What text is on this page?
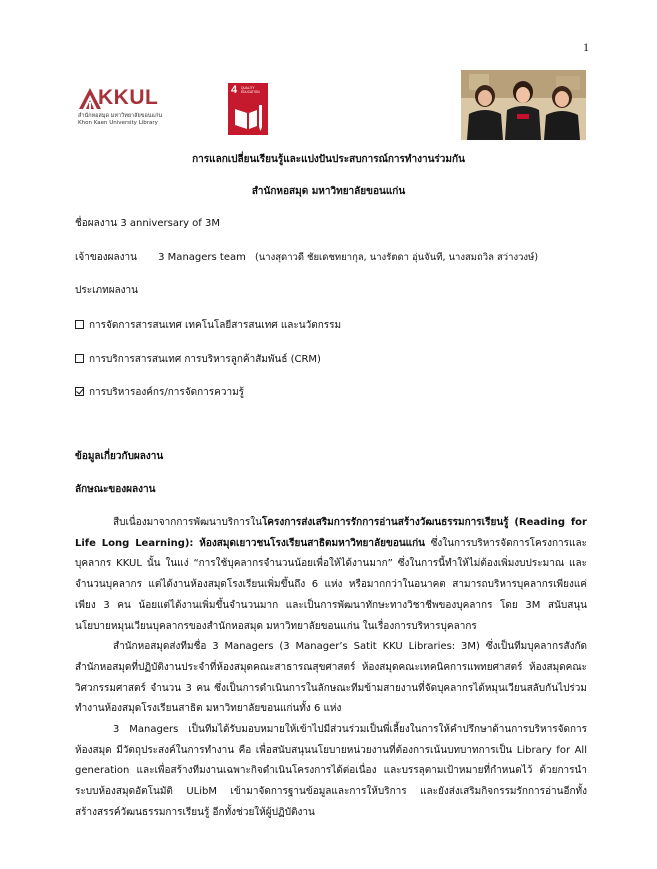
1
KKUL
สำนักหอสมุด มหาวิทยาลัยขอนแก่น
Khon Kaen University Library
4 QUALITY EDUCATION
การแลกเปลี่ยนเรียนรู้และแปงปันประสบการณ์การทำงานร่วมกัน
สำนักหอสมุด มหาวิทยาลัยขอนแก่น
ชื่อผลงาน 3 anniversary of 3M
เจ้าของผลงาน 3 Managers team (นางสุดาวดี ชัยเดชทยากุล, นางรัตดา อุ่นจันที, นางสมถวิล สว่างวงษ์)
ประเภทผลงาน
การจัดการสารสนเทศ เทคโนโลยีสารสนเทศ และนวัตกรรม
การบริการสารสนเทศ การบริหารลูกค้าสัมพันธ์ (CRM)
การบริหารองค์กร/การจัดการความรู้
ข้อมูลเกี่ยวกับผลงาน
ลักษณะของผลงาน

สืบเนื่องมาจากการพัฒนาบริการในโครงการส่งเสริมการรักการอ่านสร้างวัฒนธรรมการเรียนรู้ (Reading for Life Long Learning): ห้องสมุดเยาวชนโรงเรียนสาธิตมหาวิทยาลัยขอนแก่น ซึ่งในการบริหารจัดการโครงการและบุคลากร KKUL นั้น ในแง่ “การใช้บุคลากรจำนวนน้อยเพื่อให้ได้งานมาก” ซึ่งในการนี้ทำให้ไม่ต้องเพิ่มงบประมาณ และจำนวนบุคลากร แต่ได้งานห้องสมุดโรงเรียนเพิ่มขึ้นถึง 6 แห่ง หรือมากกว่าในอนาคต สามารถบริหารบุคลากรเพียงแค่เพียง 3 คน น้อยแต่ได้งานเพิ่มขึ้นจำนวนมาก และเป็นการพัฒนาทักษะทางวิชาชีพของบุคลากร โดย 3M สนับสนุนนโยบายหมุนเวียนบุคลากรของสำนักหอสมุด มหาวิทยาลัยขอนแก่น ในเรื่องการบริหารบุคลากร

สำนักหอสมุดส่งทีมชื่อ 3 Managers (3 Manager’s Satit KKU Libraries: 3M) ซึ่งเป็นทีมบุคลากรสังกัดสำนักหอสมุดที่ปฏิบัติงานประจำที่ห้องสมุดคณะสาธารณสุขศาสตร์ ห้องสมุดคณะเทคนิคการแพทยศาสตร์ ห้องสมุดคณะวิศวกรรมศาสตร์ จำนวน 3 คน ซึ่งเป็นการดำเนินการในลักษณะทีมข้ามสายงานที่จัดบุคลากรได้หมุนเวียนสลับกันไปร่วมทำงานห้องสมุดโรงเรียนสาธิต มหาวิทยาลัยขอนแก่นทั้ง 6 แห่ง

3 Managers เป็นทีมได้รับมอบหมายให้เข้าไปมีส่วนร่วมเป็นพี่เลี้ยงในการให้คำปรึกษาด้านการบริหารจัดการห้องสมุด มีวัตถุประสงค์ในการทำงาน คือ เพื่อสนับสนุนนโยบายหน่วยงานที่ต้องการเน้นบทบาทการเป็น Library for All generation และเพื่อสร้างทีมงานเฉพาะกิจดำเนินโครงการได้ต่อเนื่อง และบรรลุตามเป้าหมายที่กำหนดไว้ ด้วยการนำระบบห้องสมุดอัตโนมัติ ULibM เข้ามาจัดการฐานข้อมูลและการให้บริการ และยังส่งเสริมกิจกรรมรักการอ่านอีกทั้งสร้างสรรค์วัฒนธรรมการเรียนรู้ อีกทั้งช่วยให้ผู้ปฏิบัติงาน
